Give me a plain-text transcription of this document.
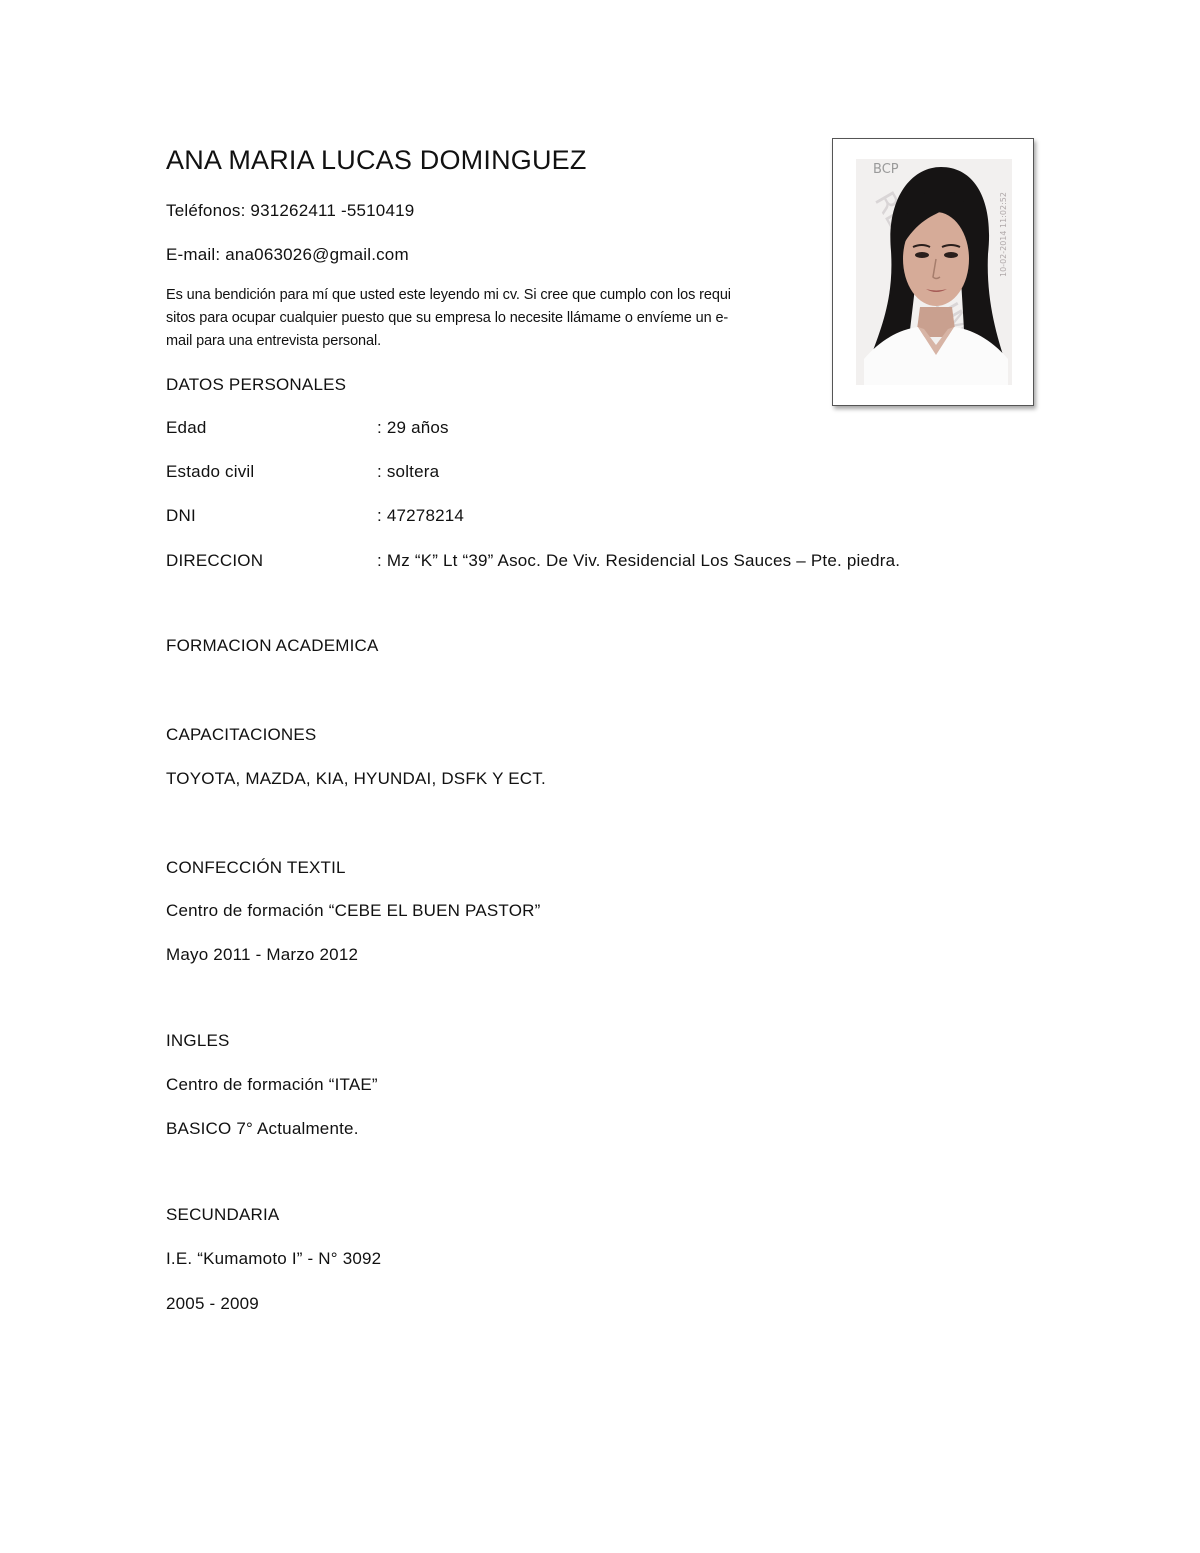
ANA MARIA LUCAS DOMINGUEZ
Teléfonos: 931262411 -5510419
E-mail: ana063026@gmail.com
Es una bendición para mí que usted este leyendo mi cv. Si cree que cumplo con los requi
sitos para ocupar cualquier puesto que su empresa lo necesite llámame o envíeme un e-
mail para una entrevista personal.	LIMA
BCP
10-02-2014 11:02:52
DATOS PERSONALES
Edad	: 29 años
Estado civil	: soltera
DNI	: 47278214
DIRECCION	: Mz “K” Lt “39” Asoc. De Viv. Residencial Los Sauces – Pte. piedra.
FORMACION ACADEMICA
CAPACITACIONES
TOYOTA, MAZDA, KIA, HYUNDAI, DSFK Y ECT.
CONFECCIÓN TEXTIL
Centro de formación “CEBE EL BUEN PASTOR”
Mayo 2011 - Marzo 2012
INGLES
Centro de formación “ITAE”
BASICO 7° Actualmente.
SECUNDARIA
I.E. “Kumamoto I” - N° 3092
2005 - 2009
